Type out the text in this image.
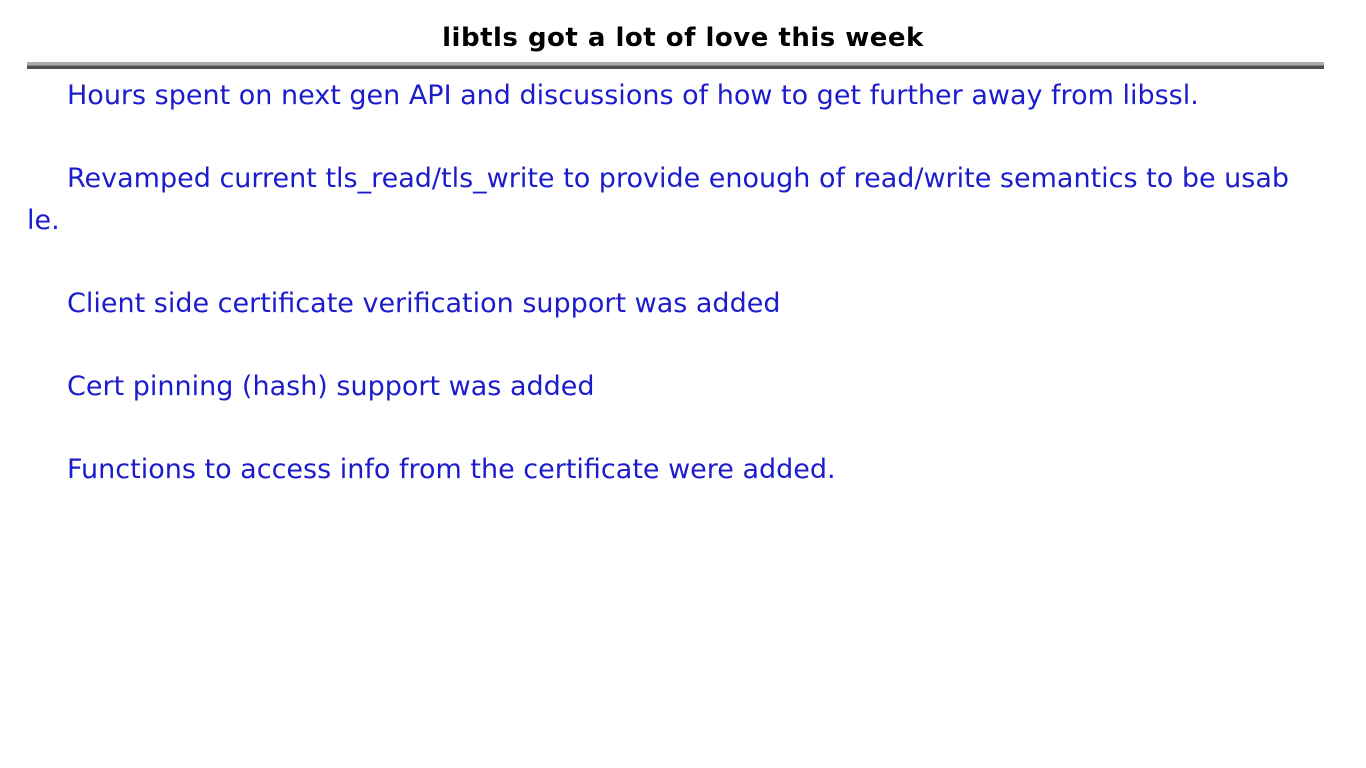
libtls got a lot of love this week
Hours spent on next gen API and discussions of how to get further away from libssl.
Revamped current tls_read/tls_write to provide enough of read/write semantics to be usab
le.
Client side certificate verification support was added
Cert pinning (hash) support was added
Functions to access info from the certificate were added.
